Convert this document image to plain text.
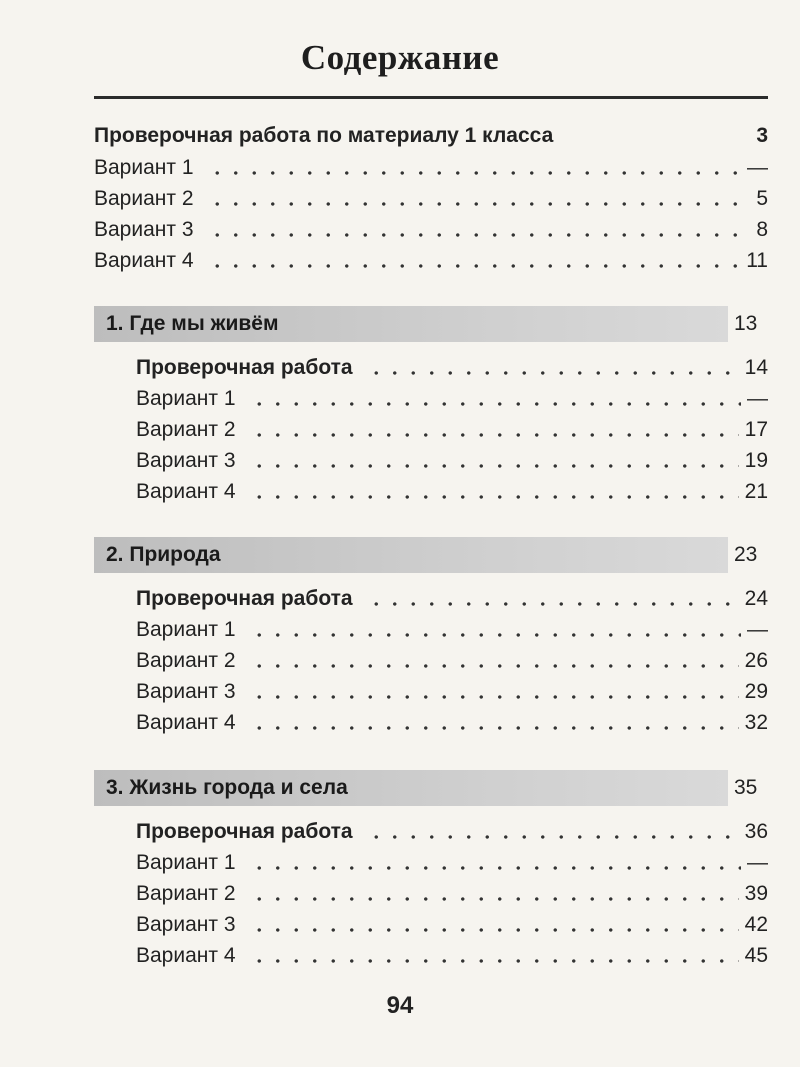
Содержание
Проверочная работа по материалу 1 класса	3
Вариант 1	—
Вариант 2	5
Вариант 3	8
Вариант 4	11
1. Где мы живём	13
Проверочная работа	14
Вариант 1	—
Вариант 2	17
Вариант 3	19
Вариант 4	21
2. Природа	23
Проверочная работа	24
Вариант 1	—
Вариант 2	26
Вариант 3	29
Вариант 4	32
3. Жизнь города и села	35
Проверочная работа	36
Вариант 1	—
Вариант 2	39
Вариант 3	42
Вариант 4	45
94
